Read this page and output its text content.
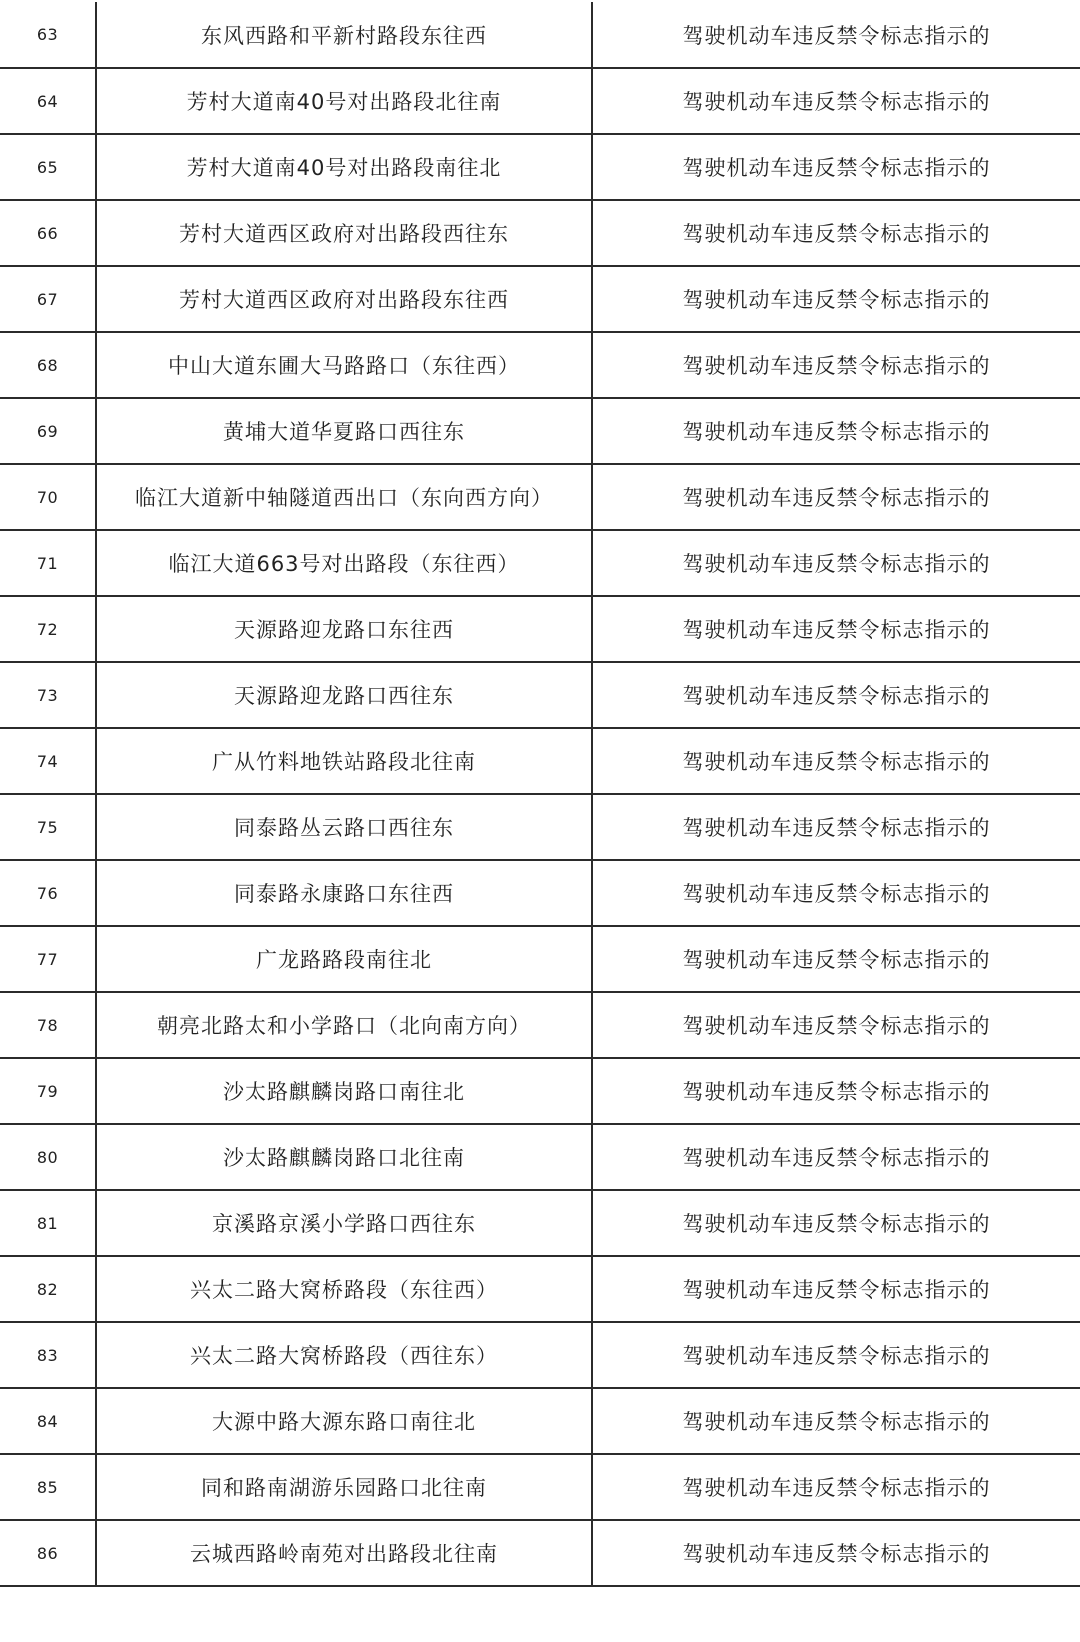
63	东风西路和平新村路段东往西	驾驶机动车违反禁令标志指示的
64	芳村大道南40号对出路段北往南	驾驶机动车违反禁令标志指示的
65	芳村大道南40号对出路段南往北	驾驶机动车违反禁令标志指示的
66	芳村大道西区政府对出路段西往东	驾驶机动车违反禁令标志指示的
67	芳村大道西区政府对出路段东往西	驾驶机动车违反禁令标志指示的
68	中山大道东圃大马路路口（东往西）	驾驶机动车违反禁令标志指示的
69	黄埔大道华夏路口西往东	驾驶机动车违反禁令标志指示的
70	临江大道新中轴隧道西出口（东向西方向）	驾驶机动车违反禁令标志指示的
71	临江大道663号对出路段（东往西）	驾驶机动车违反禁令标志指示的
72	天源路迎龙路口东往西	驾驶机动车违反禁令标志指示的
73	天源路迎龙路口西往东	驾驶机动车违反禁令标志指示的
74	广从竹料地铁站路段北往南	驾驶机动车违反禁令标志指示的
75	同泰路丛云路口西往东	驾驶机动车违反禁令标志指示的
76	同泰路永康路口东往西	驾驶机动车违反禁令标志指示的
77	广龙路路段南往北	驾驶机动车违反禁令标志指示的
78	朝亮北路太和小学路口（北向南方向）	驾驶机动车违反禁令标志指示的
79	沙太路麒麟岗路口南往北	驾驶机动车违反禁令标志指示的
80	沙太路麒麟岗路口北往南	驾驶机动车违反禁令标志指示的
81	京溪路京溪小学路口西往东	驾驶机动车违反禁令标志指示的
82	兴太二路大窝桥路段（东往西）	驾驶机动车违反禁令标志指示的
83	兴太二路大窝桥路段（西往东）	驾驶机动车违反禁令标志指示的
84	大源中路大源东路口南往北	驾驶机动车违反禁令标志指示的
85	同和路南湖游乐园路口北往南	驾驶机动车违反禁令标志指示的
86	云城西路岭南苑对出路段北往南	驾驶机动车违反禁令标志指示的
